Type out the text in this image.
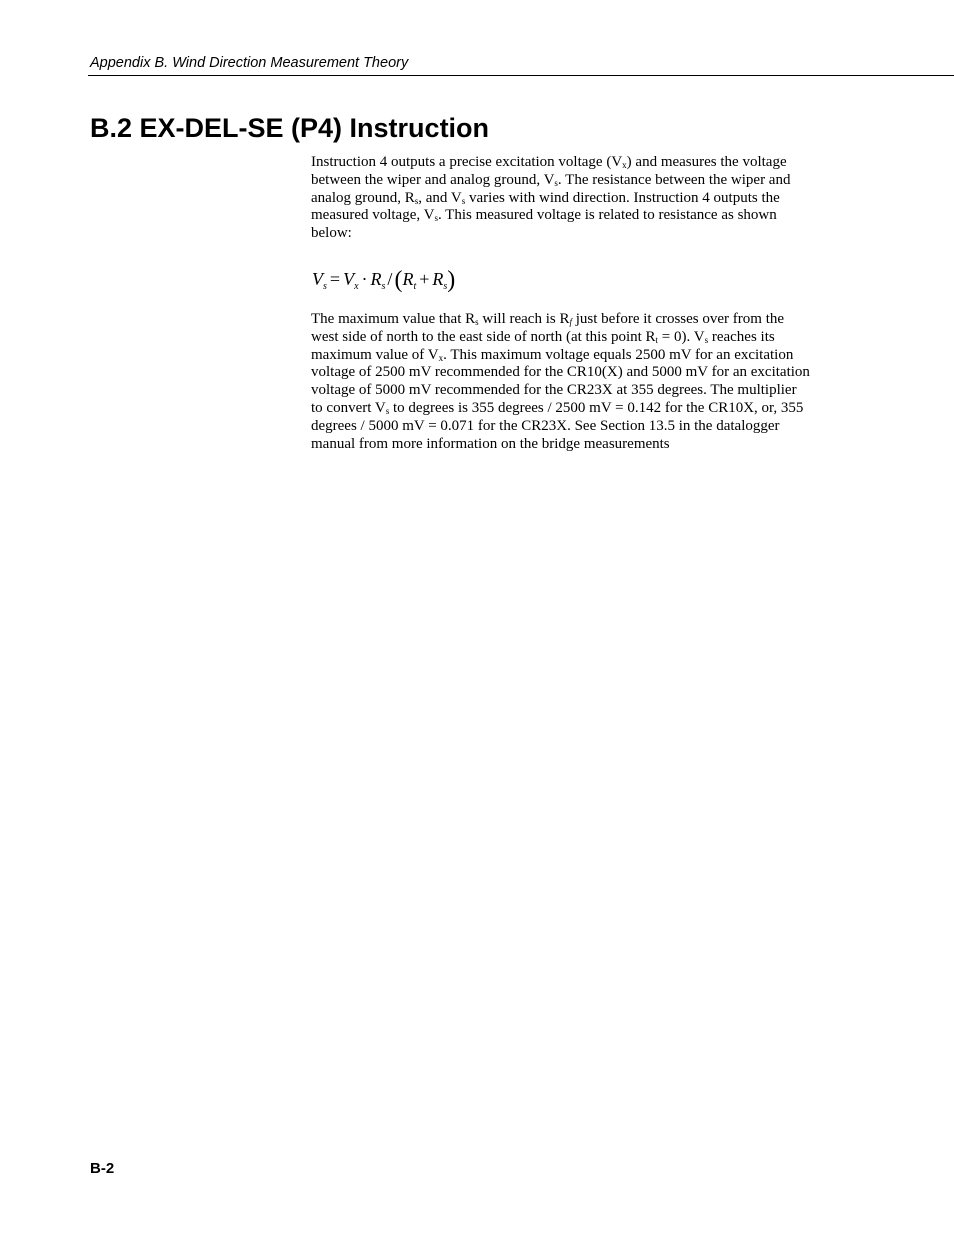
Appendix B. Wind Direction Measurement Theory
B.2 EX-DEL-SE (P4) Instruction

Instruction 4 outputs a precise excitation voltage $(V_x)$ and measures the voltage between the wiper and analog ground, $V_s$. The resistance between the wiper and analog ground, $R_s$, and $V_s$ varies with wind direction. Instruction 4 outputs the measured voltage, $V_s$. This measured voltage is related to resistance as shown below:

$V_s = V_x \cdot R_s$ $/(R_t + R_s)$

The maximum value that $R_s$ will reach is $R_f$ just before it crosses over from the west side of north to the east side of north (at this point $R_t = 0$). $V_s$ reaches its maximum value of $V_x$. This maximum voltage equals 2500 mV for an excitation voltage of 2500 mV recommended for the CR10(X) and 5000 mV for an excitation voltage of 5000 mV recommended for the CR23X at 355 degrees. The multiplier to convert $V_s$ to degrees is 355 degrees / 2500 mV = 0.142 for the CR10X, or, 355 degrees / 5000 mV = 0.071 for the CR23X. See Section 13.5 in the datalogger manual from more information on the bridge measurements

B-2
